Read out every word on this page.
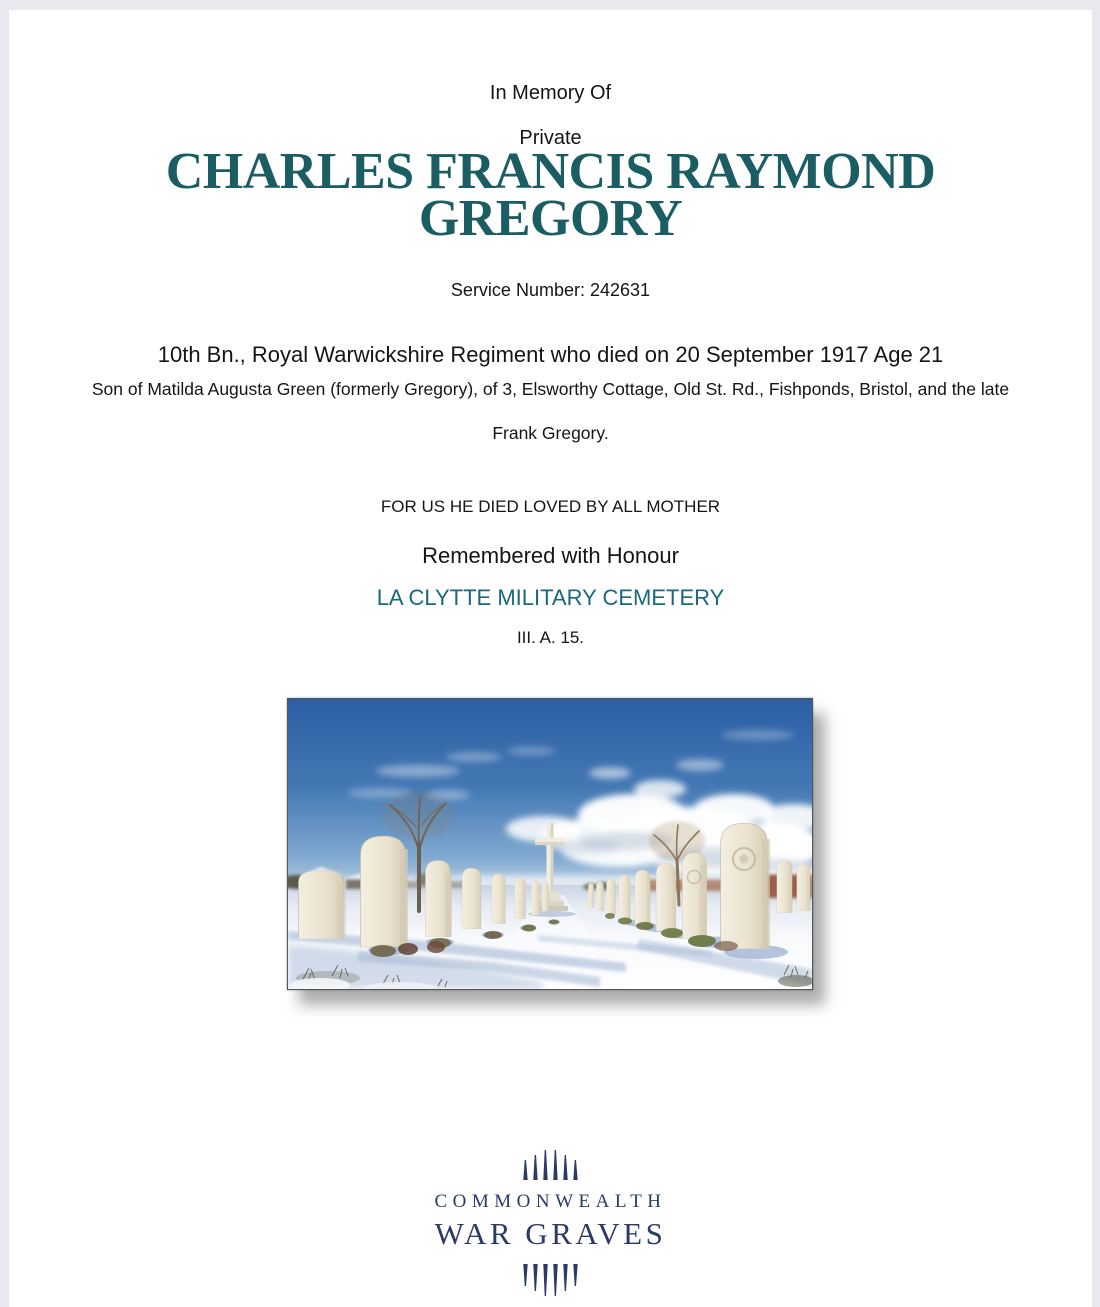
In Memory Of

Private

CHARLES FRANCIS RAYMOND GREGORY

Service Number: 242631

10th Bn., Royal Warwickshire Regiment who died on 20 September 1917 Age 21

Son of Matilda Augusta Green (formerly Gregory), of 3, Elsworthy Cottage, Old St. Rd., Fishponds, Bristol, and the late Frank Gregory.

FOR US HE DIED LOVED BY ALL MOTHER

Remembered with Honour

LA CLYTTE MILITARY CEMETERY

III. A. 15.

COMMONWEALTH
WAR GRAVES
